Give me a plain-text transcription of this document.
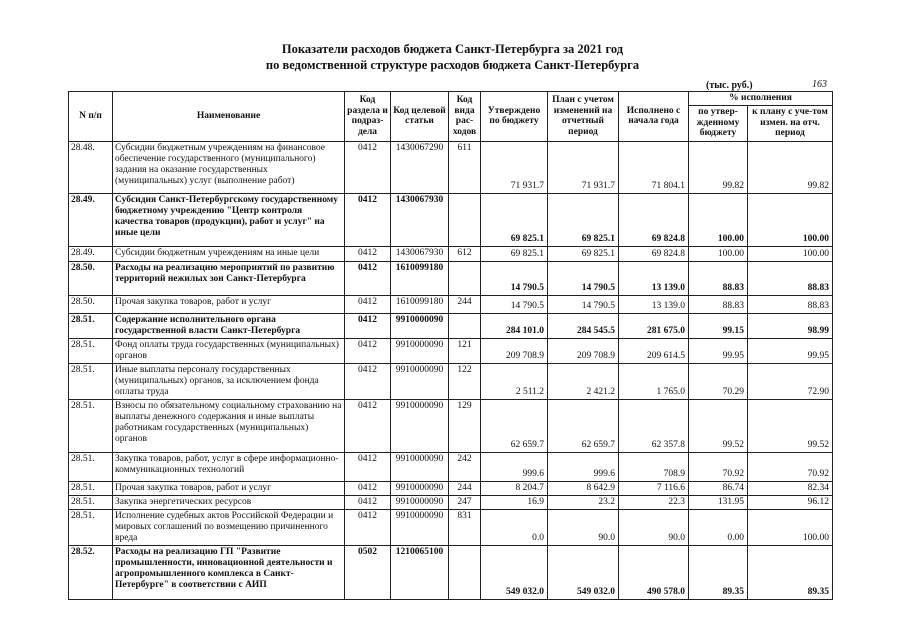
Показатели расходов бюджета Санкт-Петербурга за 2021 год
по ведомственной структуре расходов бюджета Санкт-Петербурга
(тыс. руб.)	163
N п/п	Наименование	Код раздела и подраз-дела	Код целевой статьи	Код вида рас-ходов	Утверждено по бюджету	План с учетом изменений на отчетный период	Исполнено с начала года	% исполнения	
								по утвер-жденному бюджету	к плану с уче-том измен. на отч. период
28.48.	Субсидии бюджетным учреждениям на финансовое обеспечение государственного (муниципального) задания на оказание государственных (муниципальных) услуг (выполнение работ)	0412	1430067290	611	71 931.7	71 931.7	71 804.1	99.82	99.82
28.49.	Субсидия Санкт-Петербургскому государственному бюджетному учреждению "Центр контроля качества товаров (продукции), работ и услуг" на иные цели	0412	1430067930		69 825.1	69 825.1	69 824.8	100.00	100.00
28.49.	Субсидии бюджетным учреждениям на иные цели	0412	1430067930	612	69 825.1	69 825.1	69 824.8	100.00	100.00
28.50.	Расходы на реализацию мероприятий по развитию территорий нежилых зон Санкт-Петербурга	0412	1610099180		14 790.5	14 790.5	13 139.0	88.83	88.83
28.50.	Прочая закупка товаров, работ и услуг	0412	1610099180	244	14 790.5	14 790.5	13 139.0	88.83	88.83
28.51.	Содержание исполнительного органа государственной власти Санкт-Петербурга	0412	9910000090		284 101.0	284 545.5	281 675.0	99.15	98.99
28.51.	Фонд оплаты труда государственных (муниципальных) органов	0412	9910000090	121	209 708.9	209 708.9	209 614.5	99.95	99.95
28.51.	Иные выплаты персоналу государственных (муниципальных) органов, за исключением фонда оплаты труда	0412	9910000090	122	2 511.2	2 421.2	1 765.0	70.29	72.90
28.51.	Взносы по обязательному социальному страхованию на выплаты денежного содержания и иные выплаты работникам государственных (муниципальных) органов	0412	9910000090	129	62 659.7	62 659.7	62 357.8	99.52	99.52
28.51.	Закупка товаров, работ, услуг в сфере информационно-коммуникационных технологий	0412	9910000090	242	999.6	999.6	708.9	70.92	70.92
28.51.	Прочая закупка товаров, работ и услуг	0412	9910000090	244	8 204.7	8 642.9	7 116.6	86.74	82.34
28.51.	Закупка энергетических ресурсов	0412	9910000090	247	16.9	23.2	22.3	131.95	96.12
28.51.	Исполнение судебных актов Российской Федерации и мировых соглашений по возмещению причиненного вреда	0412	9910000090	831	0.0	90.0	90.0	0.00	100.00
28.52.	Расходы на реализацию ГП "Развитие промышленности, инновационной деятельности и агропромышленного комплекса в Санкт-Петербурге" в соответствии с АИП	0502	1210065100		549 032.0	549 032.0	490 578.0	89.35	89.35
